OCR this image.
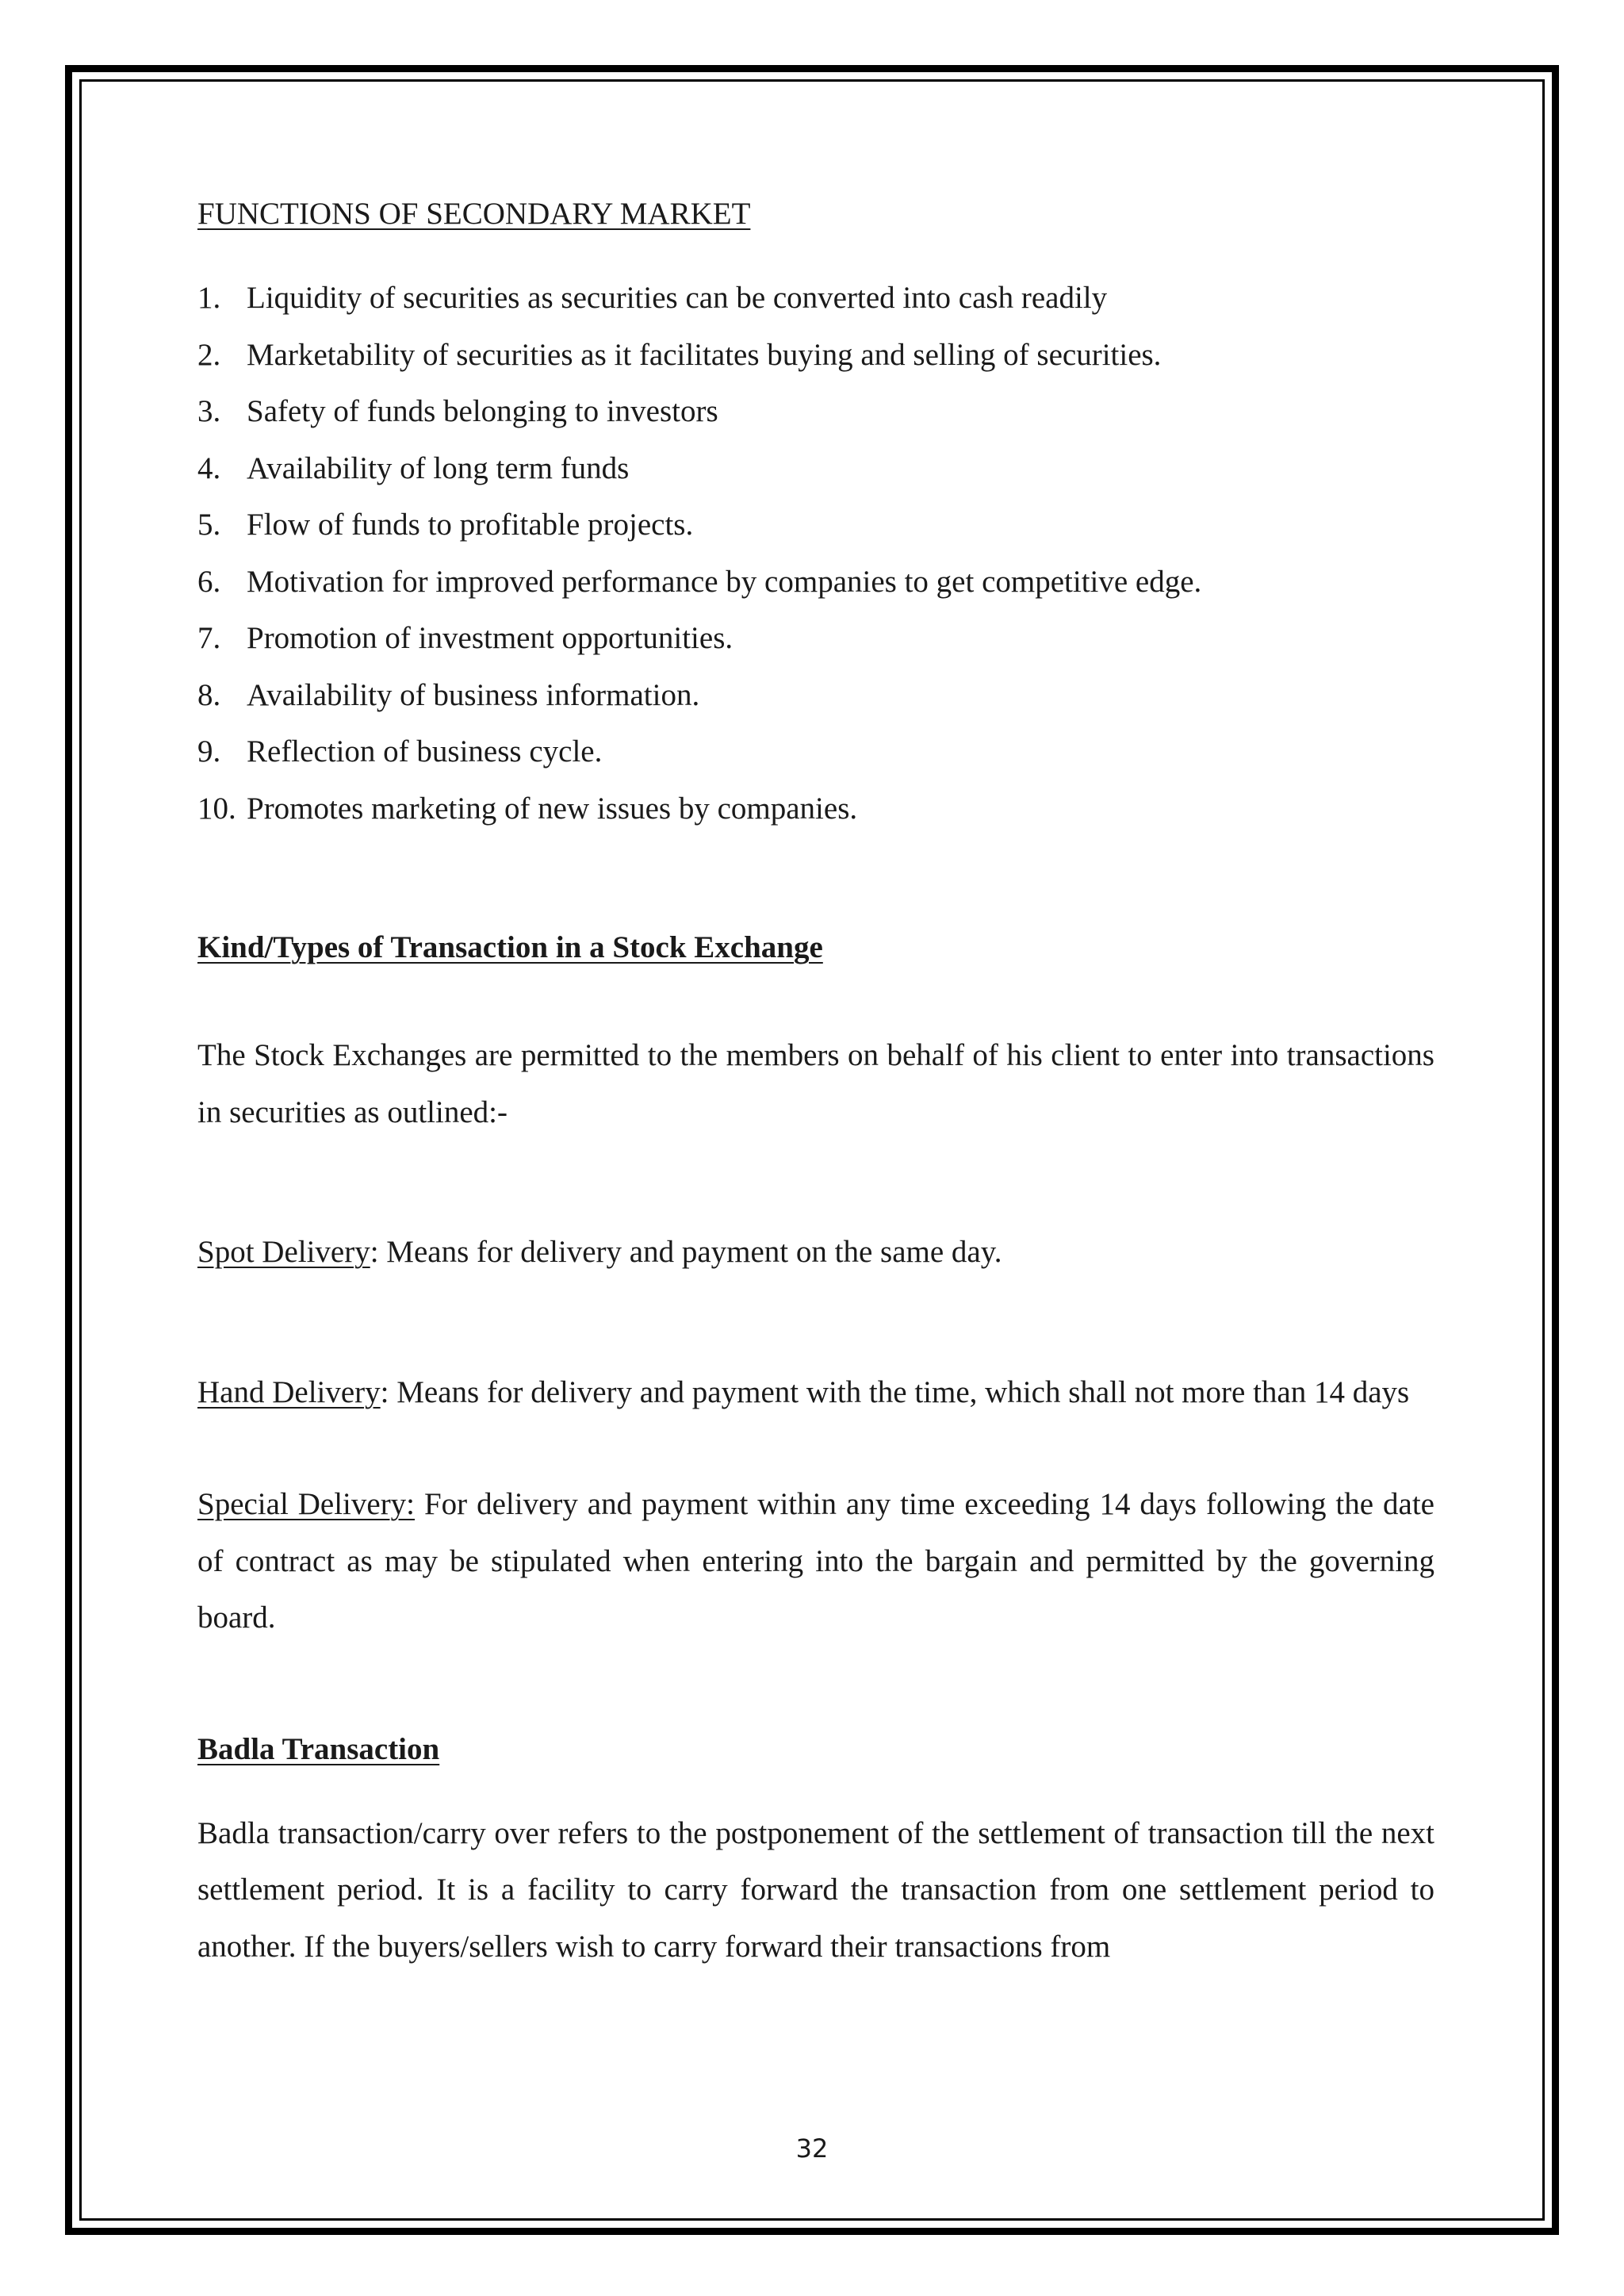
FUNCTIONS OF SECONDARY MARKET
1. Liquidity of securities as securities can be converted into cash readily
2. Marketability of securities as it facilitates buying and selling of securities.
3. Safety of funds belonging to investors
4. Availability of long term funds
5. Flow of funds to profitable projects.
6. Motivation for improved performance by companies to get competitive edge.
7. Promotion of investment opportunities.
8. Availability of business information.
9. Reflection of business cycle.
10. Promotes marketing of new issues by companies.
Kind/Types of Transaction in a Stock Exchange

The Stock Exchanges are permitted to the members on behalf of his client to enter into transactions in securities as outlined:-

Spot Delivery: Means for delivery and payment on the same day.

Hand Delivery: Means for delivery and payment with the time, which shall not more than 14 days

Special Delivery: For delivery and payment within any time exceeding 14 days following the date of contract as may be stipulated when entering into the bargain and permitted by the governing board.

Badla Transaction

Badla transaction/carry over refers to the postponement of the settlement of transaction till the next settlement period. It is a facility to carry forward the transaction from one settlement period to another. If the buyers/sellers wish to carry forward their transactions from

32
